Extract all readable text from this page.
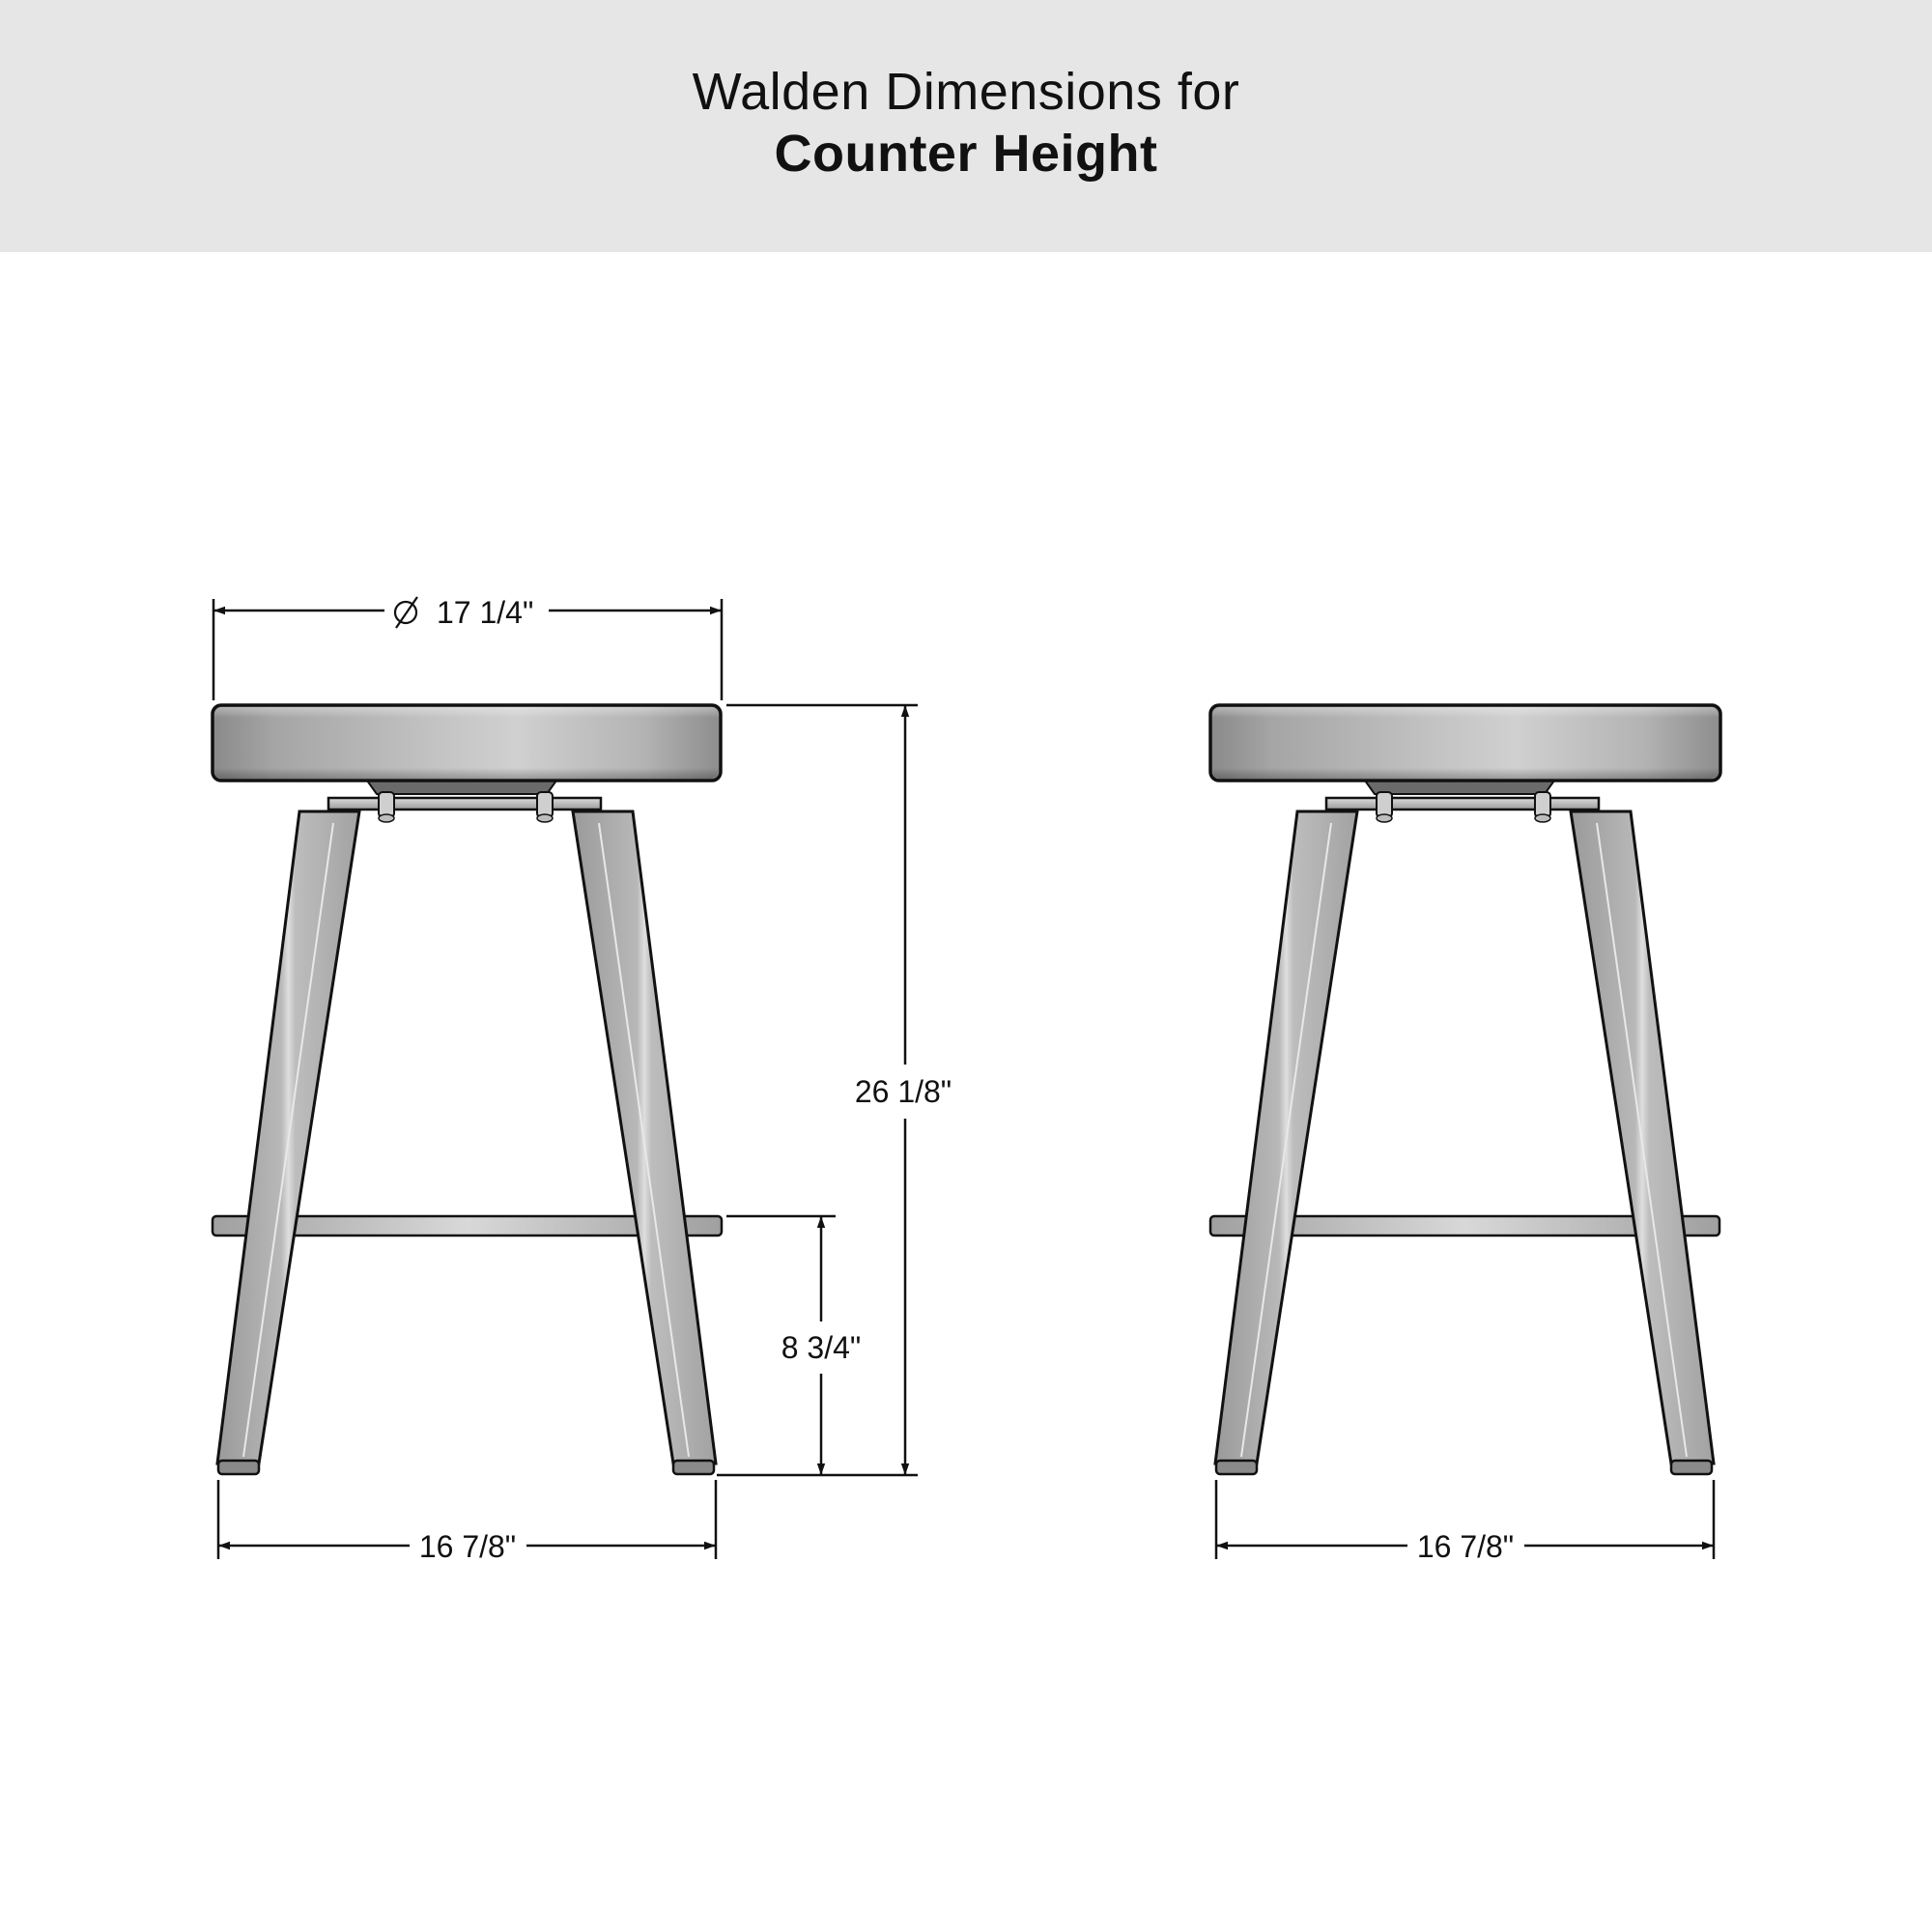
Walden Dimensions for
Counter Height
17 1/4"
26 1/8"
8 3/4"
16 7/8"	16 7/8"
